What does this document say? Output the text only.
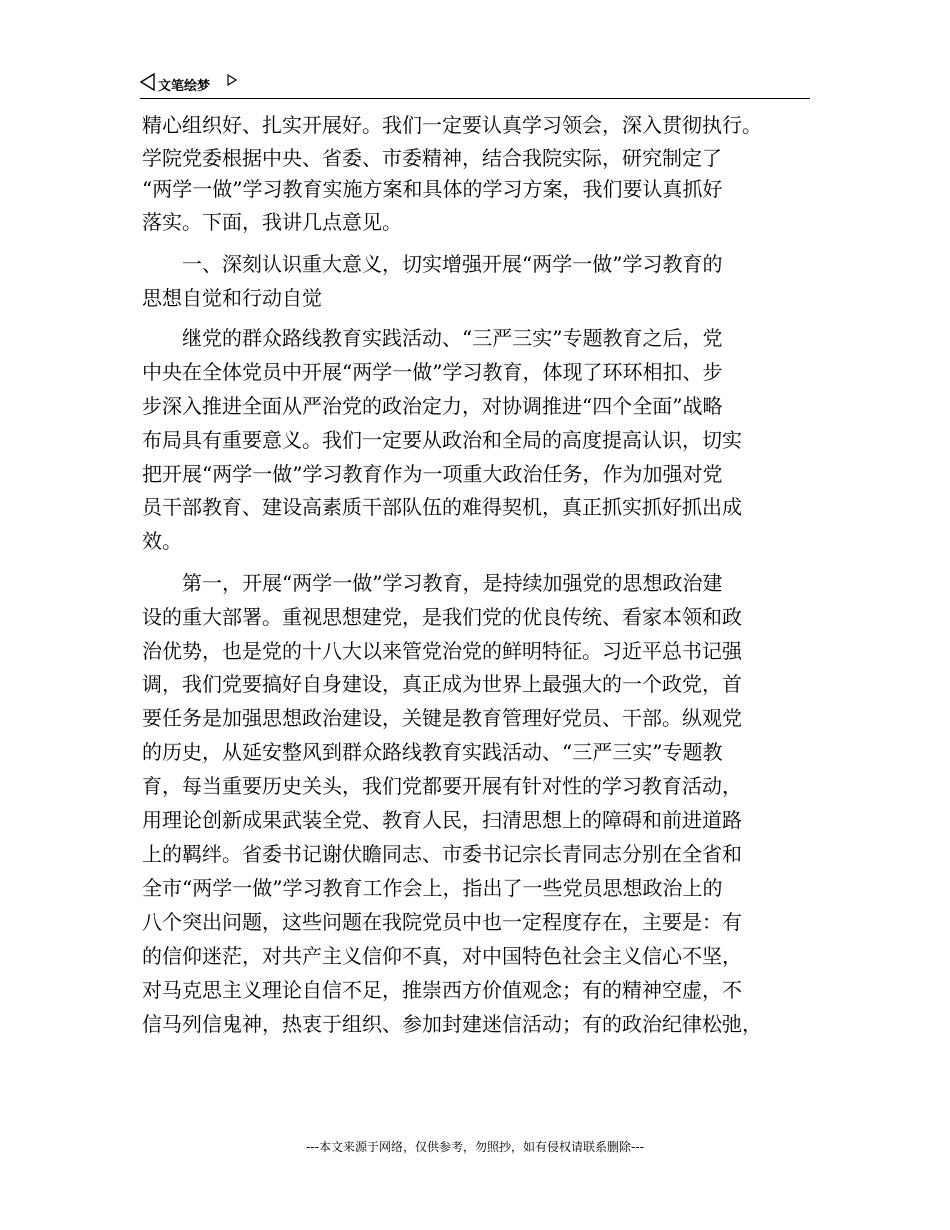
文笔绘梦
精心组织好、扎实开展好。我们一定要认真学习领会，深入贯彻执行。
学院党委根据中央、省委、市委精神，结合我院实际，研究制定了
“两学一做”学习教育实施方案和具体的学习方案，我们要认真抓好
落实。下面，我讲几点意见。
　　一、深刻认识重大意义，切实增强开展“两学一做”学习教育的
思想自觉和行动自觉
　　继党的群众路线教育实践活动、“三严三实”专题教育之后，党
中央在全体党员中开展“两学一做”学习教育，体现了环环相扣、步
步深入推进全面从严治党的政治定力，对协调推进“四个全面”战略
布局具有重要意义。我们一定要从政治和全局的高度提高认识，切实
把开展“两学一做”学习教育作为一项重大政治任务，作为加强对党
员干部教育、建设高素质干部队伍的难得契机，真正抓实抓好抓出成
效。
　　第一，开展“两学一做”学习教育，是持续加强党的思想政治建
设的重大部署。重视思想建党，是我们党的优良传统、看家本领和政
治优势，也是党的十八大以来管党治党的鲜明特征。习近平总书记强
调，我们党要搞好自身建设，真正成为世界上最强大的一个政党，首
要任务是加强思想政治建设，关键是教育管理好党员、干部。纵观党
的历史，从延安整风到群众路线教育实践活动、“三严三实”专题教
育，每当重要历史关头，我们党都要开展有针对性的学习教育活动，
用理论创新成果武装全党、教育人民，扫清思想上的障碍和前进道路
上的羁绊。省委书记谢伏瞻同志、市委书记宗长青同志分别在全省和
全市“两学一做”学习教育工作会上，指出了一些党员思想政治上的
八个突出问题，这些问题在我院党员中也一定程度存在，主要是：有
的信仰迷茫，对共产主义信仰不真，对中国特色社会主义信心不坚，
对马克思主义理论自信不足，推崇西方价值观念；有的精神空虚，不
信马列信鬼神，热衷于组织、参加封建迷信活动；有的政治纪律松弛，
---本文来源于网络，仅供参考，勿照抄，如有侵权请联系删除---
